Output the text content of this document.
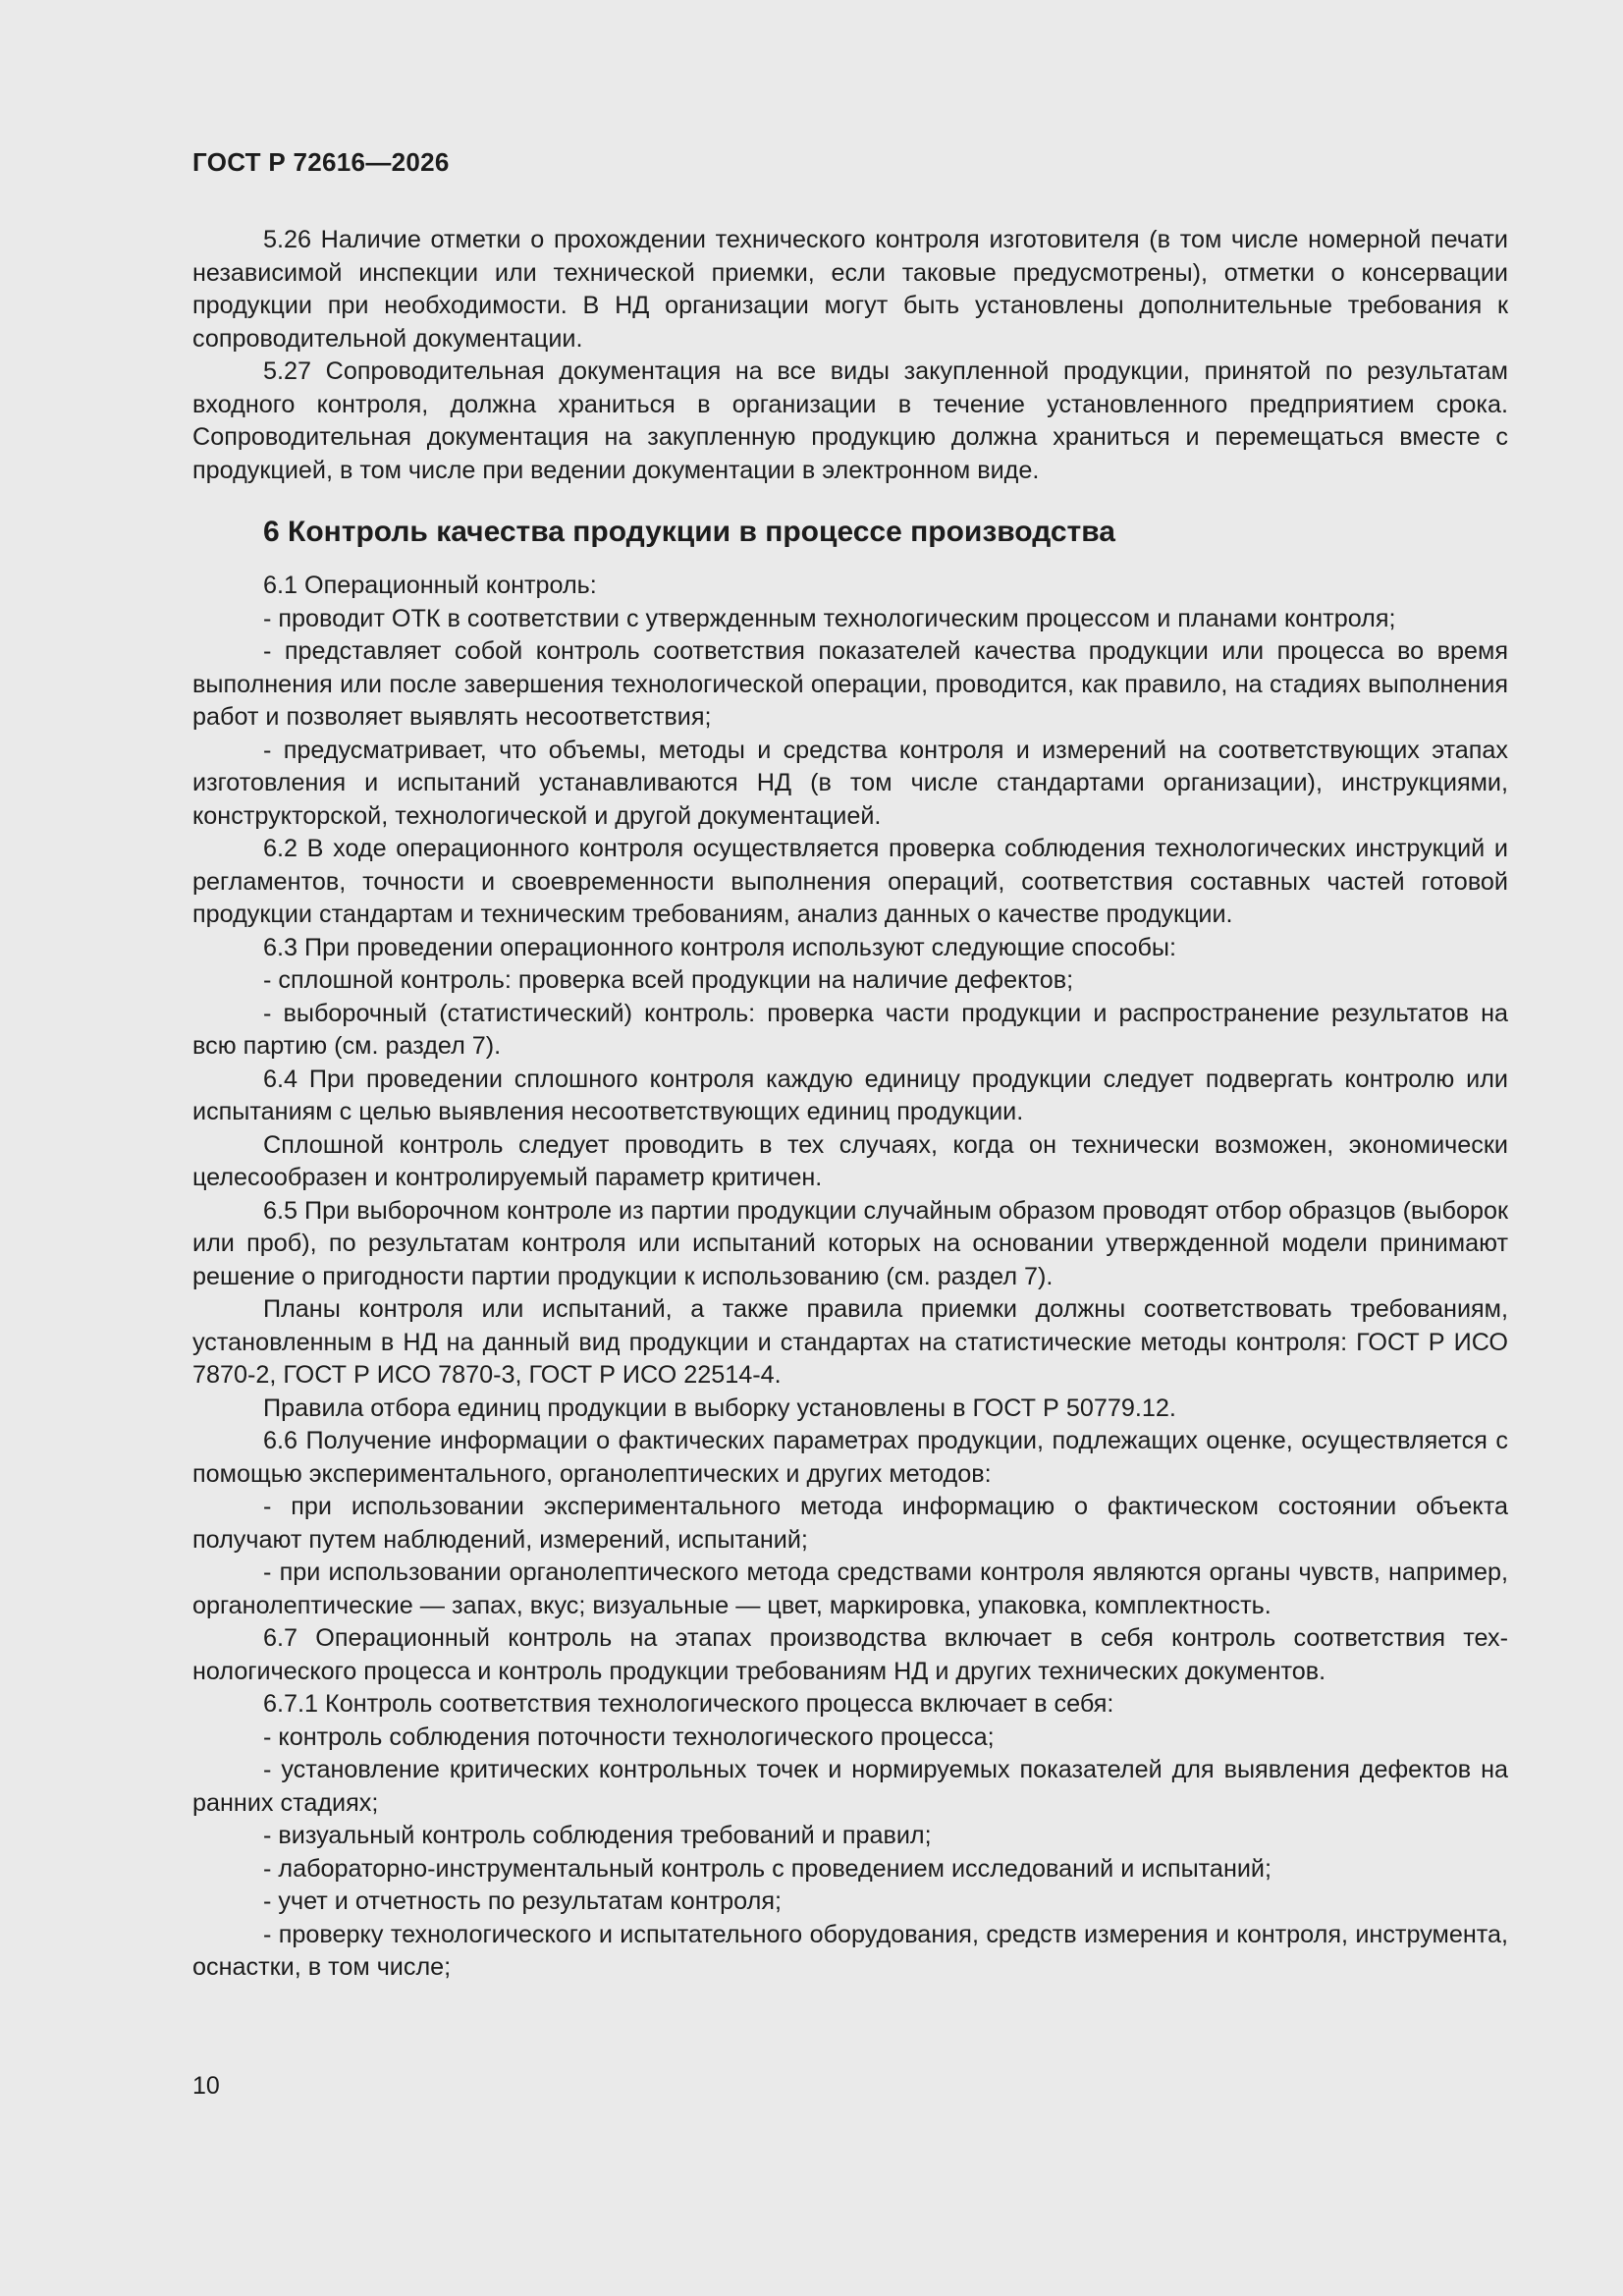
ГОСТ Р 72616—2026

5.26 Наличие отметки о прохождении технического контроля изготовителя (в том числе номерной печати независимой инспекции или технической приемки, если таковые предусмотрены), отметки о консервации продукции при необходимости. В НД организации могут быть установлены дополнительные требования к сопроводительной документации.

5.27 Сопроводительная документация на все виды закупленной продукции, принятой по результатам входного контроля, должна храниться в организации в течение установленного предприятием срока. Сопроводительная документация на закупленную продукцию должна храниться и перемещаться вместе с продукцией, в том числе при ведении документации в электронном виде.

6 Контроль качества продукции в процессе производства

6.1 Операционный контроль:

- проводит ОТК в соответствии с утвержденным технологическим процессом и планами контроля;

- представляет собой контроль соответствия показателей качества продукции или процесса во время выполнения или после завершения технологической операции, проводится, как правило, на стадиях выполнения работ и позволяет выявлять несоответствия;

- предусматривает, что объемы, методы и средства контроля и измерений на соответствующих этапах изготовления и испытаний устанавливаются НД (в том числе стандартами организации), инструкциями, конструкторской, технологической и другой документацией.

6.2 В ходе операционного контроля осуществляется проверка соблюдения технологических инструкций и регламентов, точности и своевременности выполнения операций, соответствия составных частей готовой продукции стандартам и техническим требованиям, анализ данных о качестве продукции.

6.3 При проведении операционного контроля используют следующие способы:

- сплошной контроль: проверка всей продукции на наличие дефектов;

- выборочный (статистический) контроль: проверка части продукции и распространение результатов на всю партию (см. раздел 7).

6.4 При проведении сплошного контроля каждую единицу продукции следует подвергать контролю или испытаниям с целью выявления несоответствующих единиц продукции.

Сплошной контроль следует проводить в тех случаях, когда он технически возможен, экономически целесообразен и контролируемый параметр критичен.

6.5 При выборочном контроле из партии продукции случайным образом проводят отбор образцов (выборок или проб), по результатам контроля или испытаний которых на основании утвержденной модели принимают решение о пригодности партии продукции к использованию (см. раздел 7).

Планы контроля или испытаний, а также правила приемки должны соответствовать требованиям, установленным в НД на данный вид продукции и стандартах на статистические методы контроля: ГОСТ Р ИСО 7870-2, ГОСТ Р ИСО 7870-3, ГОСТ Р ИСО 22514-4.

Правила отбора единиц продукции в выборку установлены в ГОСТ Р 50779.12.

6.6 Получение информации о фактических параметрах продукции, подлежащих оценке, осуществляется с помощью экспериментального, органолептических и других методов:

- при использовании экспериментального метода информацию о фактическом состоянии объекта получают путем наблюдений, измерений, испытаний;

- при использовании органолептического метода средствами контроля являются органы чувств, например, органолептические — запах, вкус; визуальные — цвет, маркировка, упаковка, комплектность.

6.7 Операционный контроль на этапах производства включает в себя контроль соответствия технологического процесса и контроль продукции требованиям НД и других технических документов.

6.7.1 Контроль соответствия технологического процесса включает в себя:

- контроль соблюдения поточности технологического процесса;

- установление критических контрольных точек и нормируемых показателей для выявления дефектов на ранних стадиях;

- визуальный контроль соблюдения требований и правил;

- лабораторно-инструментальный контроль с проведением исследований и испытаний;

- учет и отчетность по результатам контроля;

- проверку технологического и испытательного оборудования, средств измерения и контроля, инструмента, оснастки, в том числе;

10
